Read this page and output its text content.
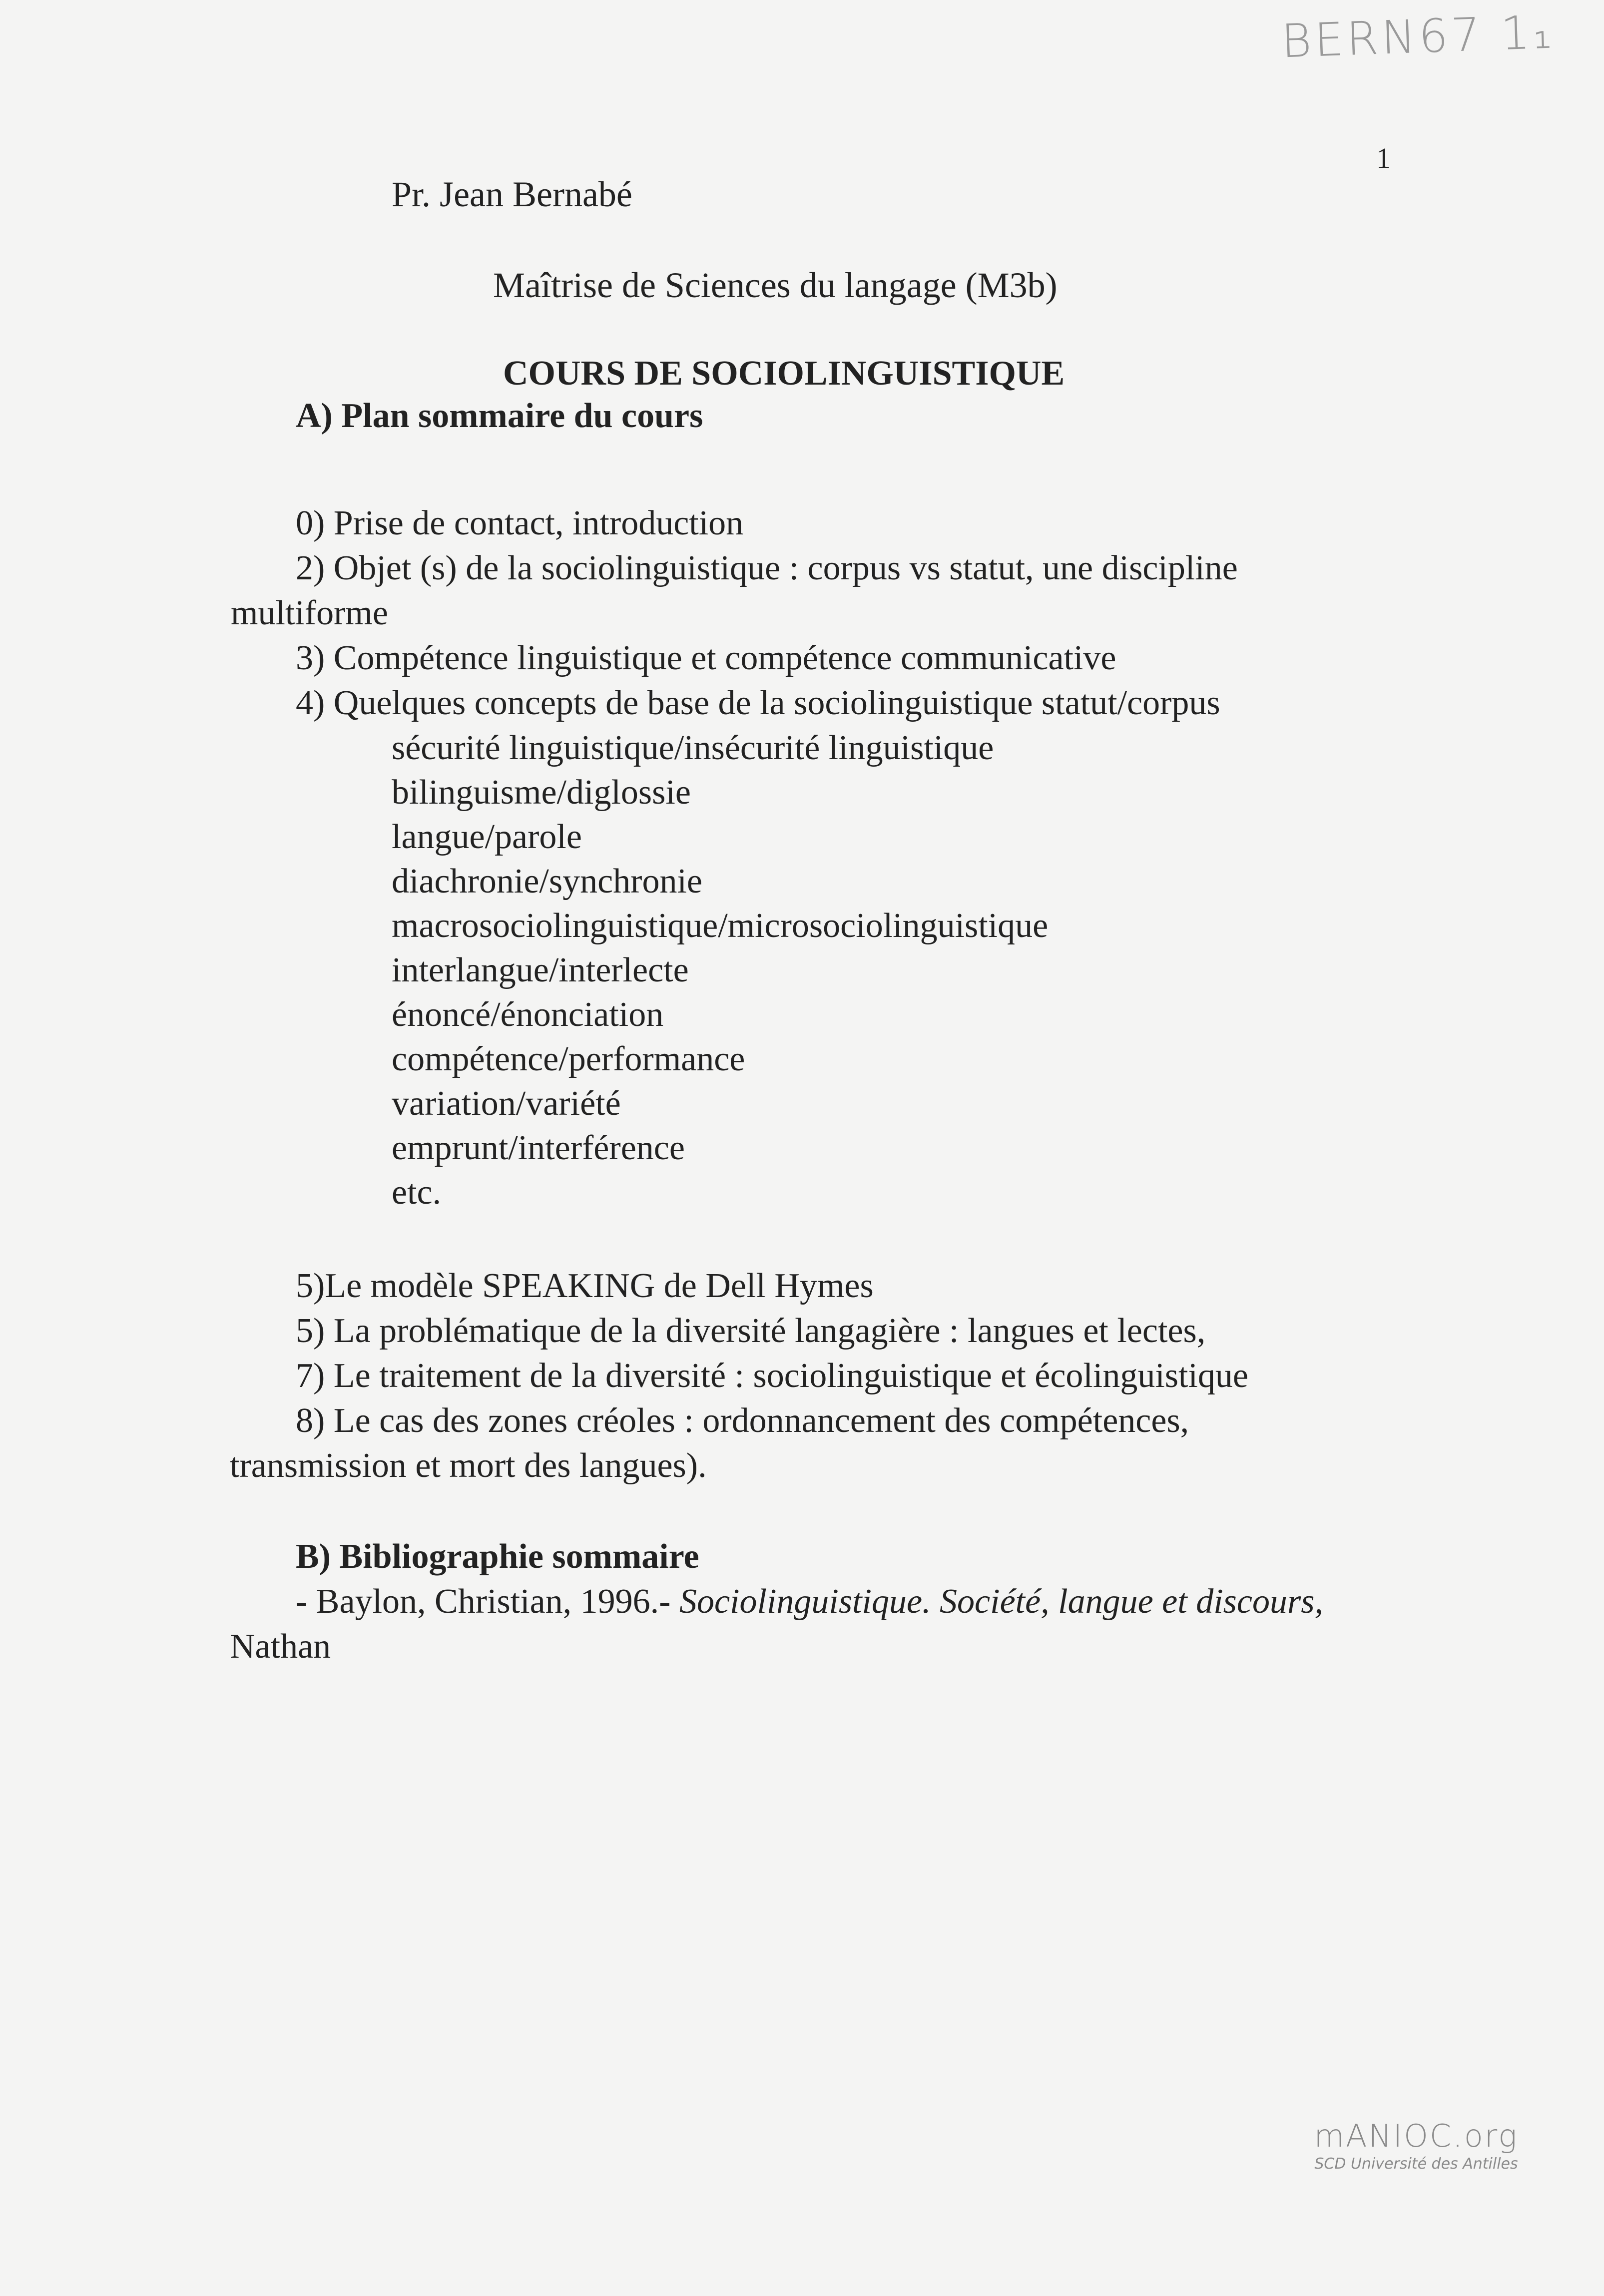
BERN67 1₁
1
Pr. Jean Bernabé
Maîtrise de Sciences du langage (M3b)
COURS DE SOCIOLINGUISTIQUE
A) Plan sommaire du cours
0) Prise de contact, introduction
2) Objet (s) de la sociolinguistique : corpus vs statut, une discipline
multiforme
3) Compétence linguistique et compétence communicative
4) Quelques concepts de base de la sociolinguistique statut/corpus
sécurité linguistique/insécurité linguistique
bilinguisme/diglossie
langue/parole
diachronie/synchronie
macrosociolinguistique/microsociolinguistique
interlangue/interlecte
énoncé/énonciation
compétence/performance
variation/variété
emprunt/interférence
etc.
5)Le modèle SPEAKING de Dell Hymes
5) La problématique de la diversité langagière : langues et lectes,
7) Le traitement de la diversité : sociolinguistique et écolinguistique
8) Le cas des zones créoles : ordonnancement des compétences,
transmission et mort des langues).
B) Bibliographie sommaire
- Baylon, Christian, 1996.- Sociolinguistique. Société, langue et discours,
Nathan
mANIOC.org
SCD Université des Antilles
